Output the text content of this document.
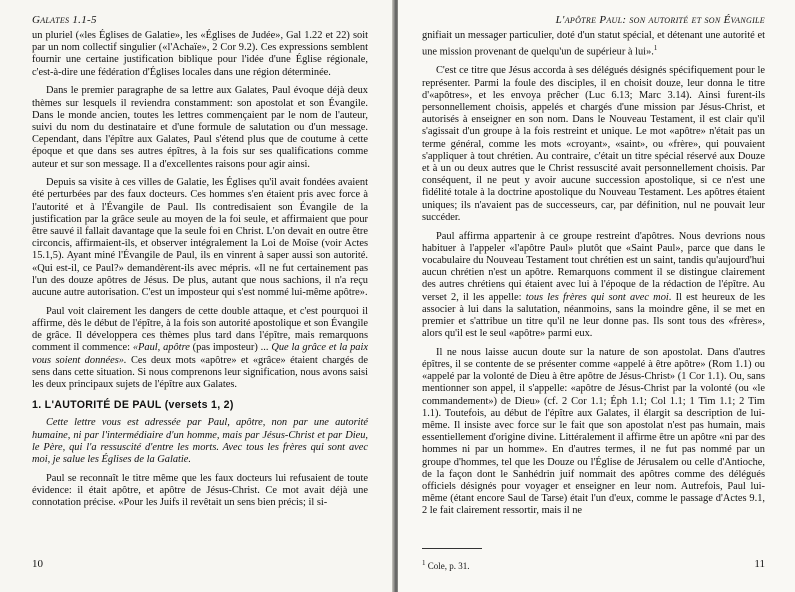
Galates 1.1-5

un pluriel («les Églises de Galatie», les «Églises de Judée», Gal 1.22 et 22) soit par un nom collectif singulier («l'Achaïe», 2 Cor 9.2). Ces expressions semblent fournir une certaine justification biblique pour l'idée d'une Église régionale, c'est-à-dire une fédération d'Églises locales dans une région déterminée.

Dans le premier paragraphe de sa lettre aux Galates, Paul évoque déjà deux thèmes sur lesquels il reviendra constamment: son apostolat et son Évangile. Dans le monde ancien, toutes les lettres commençaient par le nom de l'auteur, suivi du nom du destinataire et d'une formule de salutation ou d'un message. Cependant, dans l'épître aux Galates, Paul s'étend plus que de coutume à cette époque et que dans ses autres épîtres, à la fois sur ses qualifications comme auteur et sur son message. Il a d'excellentes raisons pour agir ainsi.

Depuis sa visite à ces villes de Galatie, les Églises qu'il avait fondées avaient été perturbées par des faux docteurs. Ces hommes s'en étaient pris avec force à l'autorité et à l'Évangile de Paul. Ils contredisaient son Évangile de la justification par la grâce seule au moyen de la foi seule, et affirmaient que pour être sauvé il fallait davantage que la seule foi en Christ. L'on devait en outre être circoncis, affirmaient-ils, et observer intégralement la Loi de Moïse (voir Actes 15.1,5). Ayant miné l'Évangile de Paul, ils en vinrent à saper aussi son autorité. «Qui est-il, ce Paul?» demandèrent-ils avec mépris. «Il ne fut certainement pas l'un des douze apôtres de Jésus. De plus, autant que nous sachions, il n'a reçu aucune autre autorisation. C'est un imposteur qui s'est nommé lui-même apôtre».

Paul voit clairement les dangers de cette double attaque, et c'est pourquoi il affirme, dès le début de l'épître, à la fois son autorité apostolique et son Évangile de grâce. Il développera ces thèmes plus tard dans l'épître, mais remarquons comment il commence: «Paul, apôtre (pas imposteur) ... Que la grâce et la paix vous soient données». Ces deux mots «apôtre» et «grâce» étaient chargés de sens dans cette situation. Si nous comprenons leur signification, nous avons saisi les deux principaux sujets de l'épître aux Galates.

1. L'AUTORITÉ DE PAUL (versets 1, 2)

Cette lettre vous est adressée par Paul, apôtre, non par une autorité humaine, ni par l'intermédiaire d'un homme, mais par Jésus-Christ et par Dieu, le Père, qui l'a ressuscité d'entre les morts. Avec tous les frères qui sont avec moi, je salue les Églises de la Galatie.

Paul se reconnaît le titre même que les faux docteurs lui refusaient de toute évidence: il était apôtre, et apôtre de Jésus-Christ. Ce mot avait déjà une connotation précise. «Pour les Juifs il revêtait un sens bien précis; il si-

10
L'apôtre Paul: son autorité et son Évangile

gnifiait un messager particulier, doté d'un statut spécial, et détenant une autorité et une mission provenant de quelqu'un de supérieur à lui».$^1$

C'est ce titre que Jésus accorda à ses délégués désignés spécifiquement pour le représenter. Parmi la foule des disciples, il en choisit douze, leur donna le titre d'«apôtres», et les envoya prêcher (Luc 6.13; Marc 3.14). Ainsi furent-ils personnellement choisis, appelés et chargés d'une mission par Jésus-Christ, et autorisés à enseigner en son nom. Dans le Nouveau Testament, il est clair qu'il s'agissait d'un groupe à la fois restreint et unique. Le mot «apôtre» n'était pas un terme général, comme les mots «croyant», «saint», ou «frère», qui pouvaient s'appliquer à tout chrétien. Au contraire, c'était un titre spécial réservé aux Douze et à un ou deux autres que le Christ ressuscité avait personnellement choisis. Par conséquent, il ne peut y avoir aucune succession apostolique, si ce n'est une fidélité totale à la doctrine apostolique du Nouveau Testament. Les apôtres étaient uniques; ils n'avaient pas de successeurs, car, par définition, nul ne pouvait leur succéder.

Paul affirma appartenir à ce groupe restreint d'apôtres. Nous devrions nous habituer à l'appeler «l'apôtre Paul» plutôt que «Saint Paul», parce que dans le vocabulaire du Nouveau Testament tout chrétien est un saint, tandis qu'aujourd'hui aucun chrétien n'est un apôtre. Remarquons comment il se distingue clairement des autres chrétiens qui étaient avec lui à l'époque de la rédaction de l'épître. Au verset 2, il les appelle: tous les frères qui sont avec moi. Il est heureux de les associer à lui dans la salutation, néanmoins, sans la moindre gêne, il se met en premier et s'attribue un titre qu'il ne leur donne pas. Ils sont tous des «frères», alors qu'il est le seul «apôtre» parmi eux.

Il ne nous laisse aucun doute sur la nature de son apostolat. Dans d'autres épîtres, il se contente de se présenter comme «appelé à être apôtre» (Rom 1.1) ou «appelé par la volonté de Dieu à être apôtre de Jésus-Christ» (1 Cor 1.1). Ou, sans mentionner son appel, il s'appelle: «apôtre de Jésus-Christ par la volonté (ou «le commandement») de Dieu» (cf. 2 Cor 1.1; Éph 1.1; Col 1.1; 1 Tim 1.1; 2 Tim 1.1). Toutefois, au début de l'épître aux Galates, il élargit sa description de lui-même. Il insiste avec force sur le fait que son apostolat n'est pas humain, mais essentiellement d'origine divine. Littéralement il affirme être un apôtre «ni par des hommes ni par un homme». En d'autres termes, il ne fut pas nommé par un groupe d'hommes, tel que les Douze ou l'Église de Jérusalem ou celle d'Antioche, de la façon dont le Sanhédrin juif nommait des apôtres comme des délégués officiels désignés pour voyager et enseigner en leur nom. Autrefois, Paul lui-même (étant encore Saul de Tarse) était l'un d'eux, comme le passage d'Actes 9.1, 2 le fait clairement ressortir, mais il ne

$^1$ Cole, p. 31.	11
